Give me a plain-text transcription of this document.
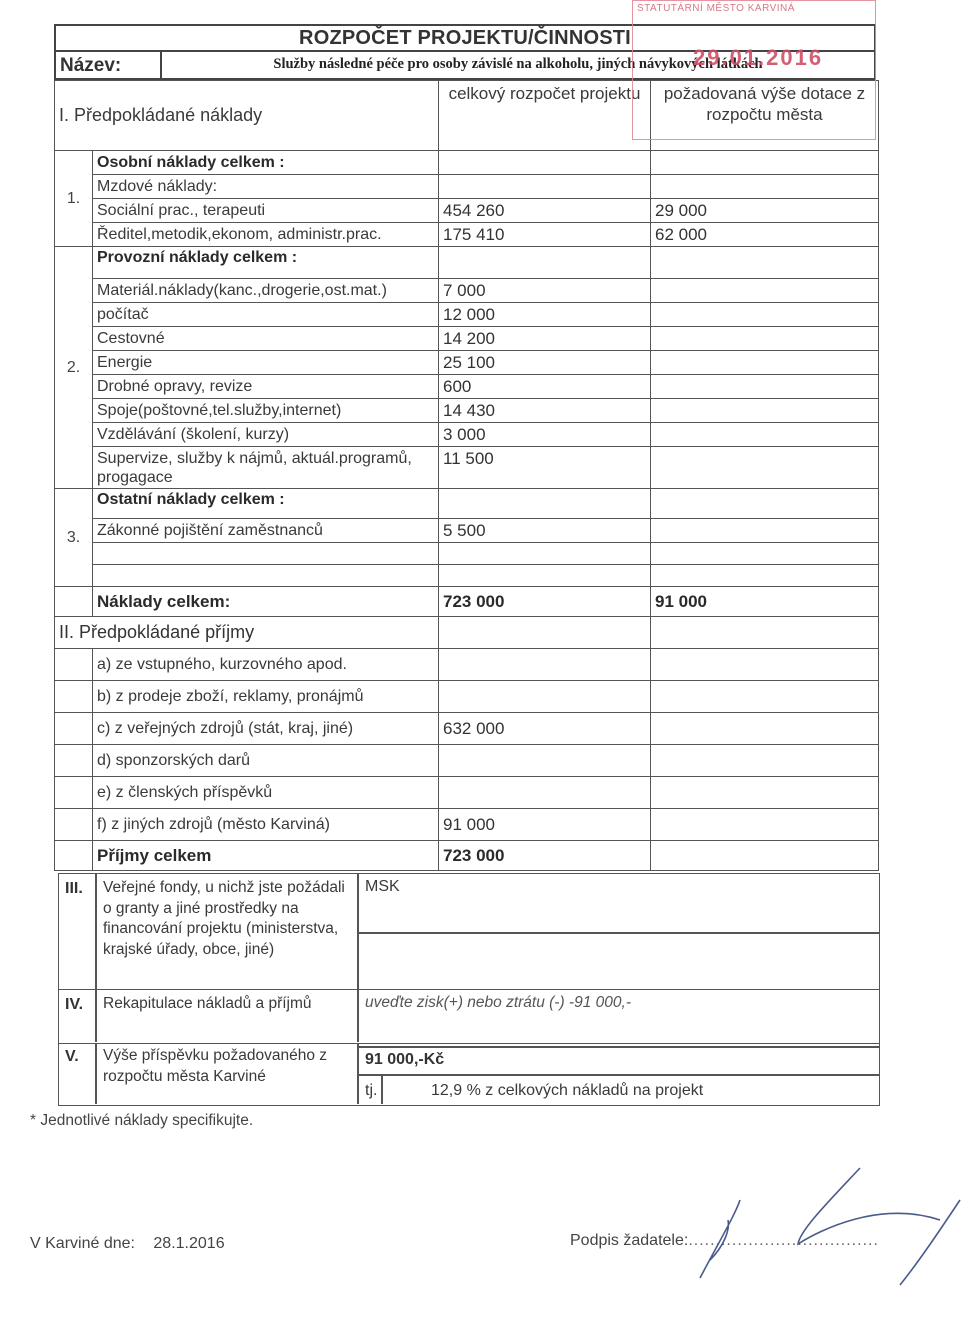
ROZPOČET PROJEKTU/ČINNOSTI
Název:	Služby následné péče pro osoby závislé na alkoholu, jiných návykových látkách
I. Předpokládané náklady		celkový rozpočet projektu	požadovaná výše dotace z rozpočtu města
1.	Osobní náklady celkem :		
	Mzdové náklady:		
	Sociální prac., terapeuti	454 260	29 000
	Ředitel,metodik,ekonom, administr.prac.	175 410	62 000
2.	Provozní náklady celkem :		
	Materiál.náklady(kanc.,drogerie,ost.mat.)	7 000	
	počítač	12 000	
	Cestovné	14 200	
	Energie	25 100	
	Drobné opravy, revize	600	
	Spoje(poštovné,tel.služby,internet)	14 430	
	Vzdělávání (školení, kurzy)	3 000	
	Supervize, služby k nájmů, aktuál.programů, progagace	11 500	
3.	Ostatní náklady celkem :		
	Zákonné pojištění zaměstnanců	5 500	

	Náklady celkem:	723 000	91 000
II. Předpokládané příjmy			
	a) ze vstupného, kurzovného apod.		
	b) z prodeje zboží, reklamy, pronájmů		
	c) z veřejných zdrojů (stát, kraj, jiné)	632 000	
	d) sponzorských darů		
	e) z členských příspěvků		
	f) z jiných zdrojů (město Karviná)	91 000	
	Příjmy celkem	723 000	
III. Veřejné fondy, u nichž jste požádali o granty a jiné prostředky na financování projektu (ministerstva, krajské úřady, obce, jiné)
MSK
IV. Rekapitulace nákladů a příjmů	uveďte zisk(+) nebo ztrátu (-) -91 000,-
V. Výše příspěvku požadovaného z rozpočtu města Karviné
91 000,-Kč
tj.	12,9 % z celkových nákladů na projekt
* Jednotlivé náklady specifikujte.
V Karviné dne: 28.1.2016	Podpis žadatele:...................................
STATUTÁRNÍ MĚSTO KARVINÁ
29.01.2016
